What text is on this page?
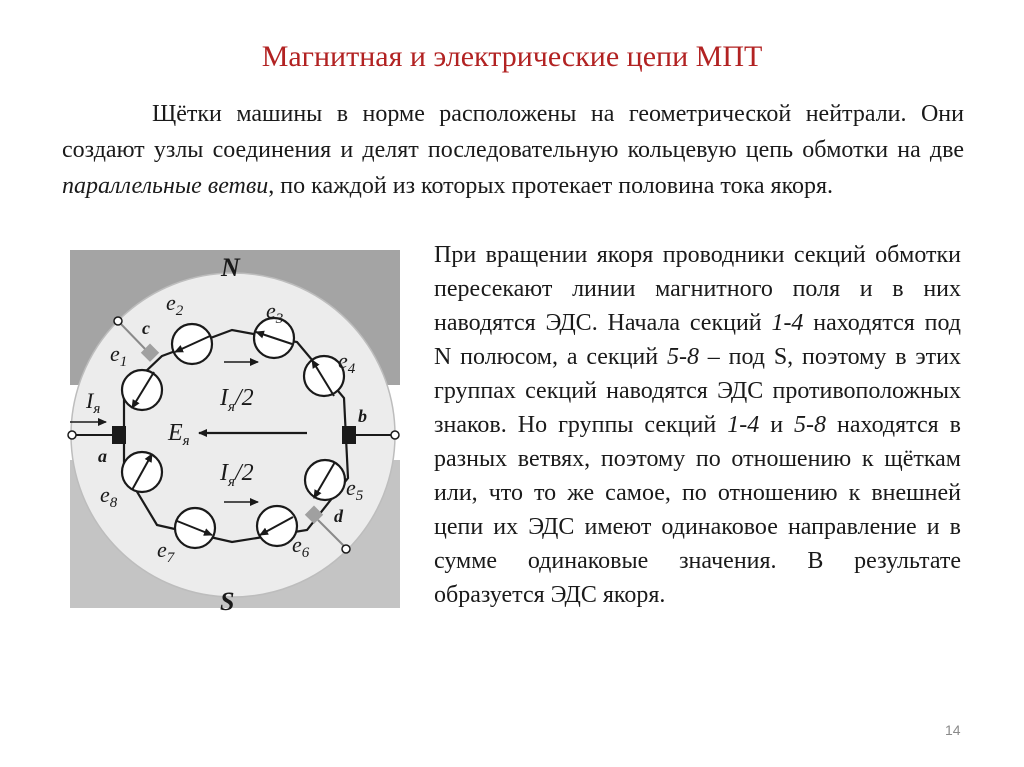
Магнитная и электрические цепи МПТ
Щётки машины в норме расположены на геометрической нейтрали. Они создают узлы соединения и делят последовательную кольцевую цепь обмотки на две параллельные ветви, по каждой из которых протекает половина тока якоря.
N
S
$e_1$
$e_2$	$e_3$
$e_4$
$e_5$
$e_6$
$e_7$
$e_8$
a
b
c
d
$I_я$	$I_я/2$
$E_я$
$I_я/2$
При вращении якоря проводники секций обмотки пересекают линии магнитного поля и в них наводятся ЭДС. Начала секций 1-4 находятся под N полюсом, а секций 5-8 – под S, поэтому в этих группах секций наводятся ЭДС противоположных знаков. Но группы секций 1-4 и 5-8 находятся в разных ветвях, поэтому по отношению к щёткам или, что то же самое, по отношению к внешней цепи их ЭДС имеют одинаковое направление и в сумме одинаковые значения. В результате образуется ЭДС якоря.
14
